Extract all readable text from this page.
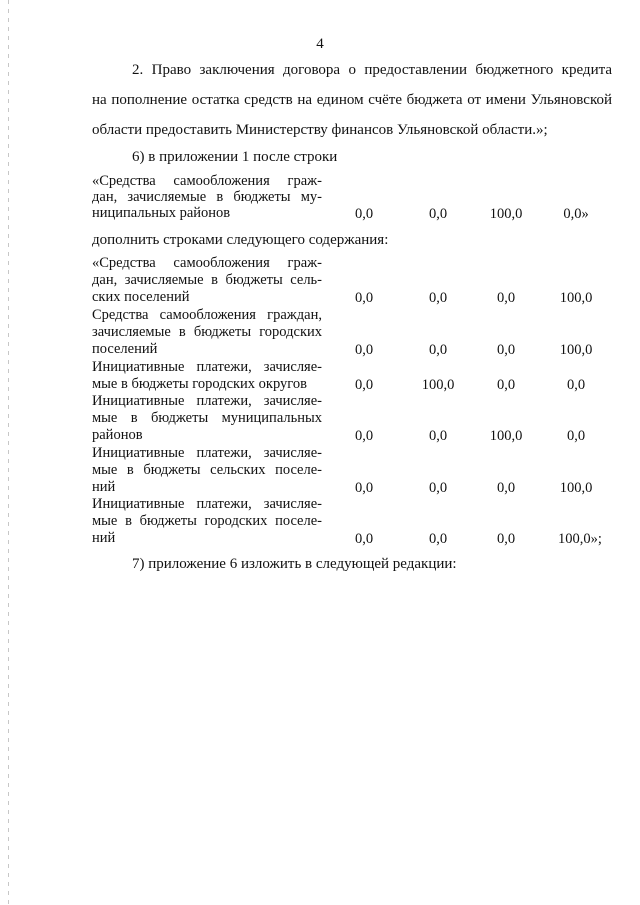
4
2. Право заключения договора о предоставлении бюджетного кредита
на пополнение остатка средств на едином счёте бюджета от имени Ульяновской
области предоставить Министерству финансов Ульяновской области.»;
6) в приложении 1 после строки
«Средства самообложения граж-
дан, зачисляемые в бюджеты му-
ниципальных районов	0,0	0,0	100,0	0,0»
дополнить строками следующего содержания:
«Средства самообложения граж-
дан, зачисляемые в бюджеты сель-
ских поселений	0,0	0,0	0,0	100,0
Средства самообложения граждан,
зачисляемые в бюджеты городских
поселений	0,0	0,0	0,0	100,0
Инициативные платежи, зачисляе-
мые в бюджеты городских округов	0,0	100,0	0,0	0,0
Инициативные платежи, зачисляе-
мые в бюджеты муниципальных
районов	0,0	0,0	100,0	0,0
Инициативные платежи, зачисляе-
мые в бюджеты сельских поселе-
ний	0,0	0,0	0,0	100,0
Инициативные платежи, зачисляе-
мые в бюджеты городских поселе-
ний	0,0	0,0	0,0	100,0»;
7) приложение 6 изложить в следующей редакции:
